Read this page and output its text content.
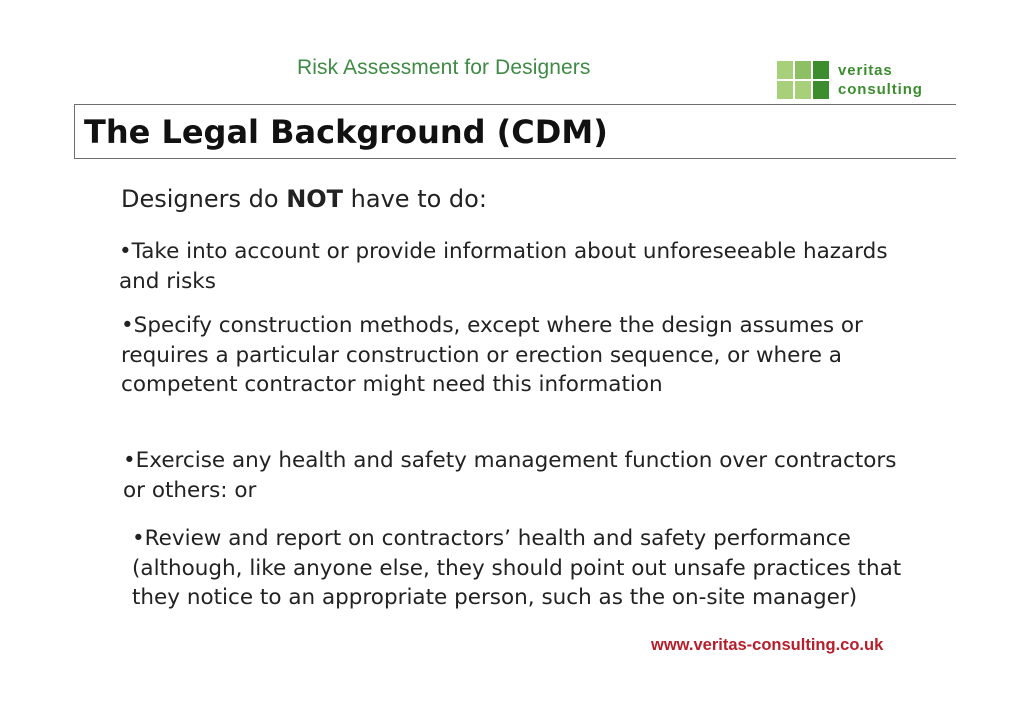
Risk Assessment for Designers	veritas
consulting
The Legal Background (CDM)
Designers do NOT have to do:
•Take into account or provide information about unforeseeable hazards and risks
•Specify construction methods, except where the design assumes or requires a particular construction or erection sequence, or where a competent contractor might need this information
•Exercise any health and safety management function over contractors or others: or
•Review and report on contractors’ health and safety performance (although, like anyone else, they should point out unsafe practices that they notice to an appropriate person, such as the on-site manager)
www.veritas-consulting.co.uk
